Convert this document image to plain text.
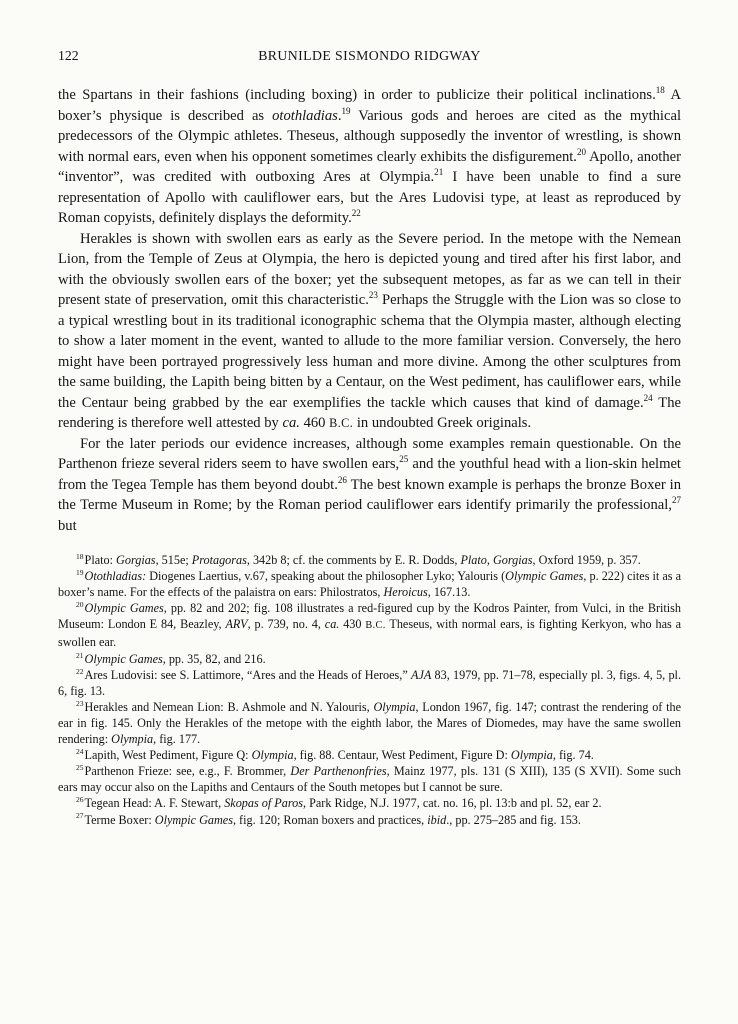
122	BRUNILDE SISMONDO RIDGWAY

the Spartans in their fashions (including boxing) in order to publicize their political inclinations.$^{18}$ A boxer’s physique is described as otothladias.$^{19}$ Various gods and heroes are cited as the mythical predecessors of the Olympic athletes. Theseus, although supposedly the inventor of wrestling, is shown with normal ears, even when his opponent sometimes clearly exhibits the disfigurement.$^{20}$ Apollo, another “inventor”, was credited with outboxing Ares at Olympia.$^{21}$ I have been unable to find a sure representation of Apollo with cauliflower ears, but the Ares Ludovisi type, at least as reproduced by Roman copyists, definitely displays the deformity.$^{22}$

Herakles is shown with swollen ears as early as the Severe period. In the metope with the Nemean Lion, from the Temple of Zeus at Olympia, the hero is depicted young and tired after his first labor, and with the obviously swollen ears of the boxer; yet the subsequent metopes, as far as we can tell in their present state of preservation, omit this characteristic.$^{23}$ Perhaps the Struggle with the Lion was so close to a typical wrestling bout in its traditional iconographic schema that the Olympia master, although electing to show a later moment in the event, wanted to allude to the more familiar version. Conversely, the hero might have been portrayed progressively less human and more divine. Among the other sculptures from the same building, the Lapith being bitten by a Centaur, on the West pediment, has cauliflower ears, while the Centaur being grabbed by the ear exemplifies the tackle which causes that kind of damage.$^{24}$ The rendering is therefore well attested by ca. 460 B.C. in undoubted Greek originals.

For the later periods our evidence increases, although some examples remain questionable. On the Parthenon frieze several riders seem to have swollen ears,$^{25}$ and the youthful head with a lion-skin helmet from the Tegea Temple has them beyond doubt.$^{26}$ The best known example is perhaps the bronze Boxer in the Terme Museum in Rome; by the Roman period cauliflower ears identify primarily the professional,$^{27}$ but

$^{18}$Plato: Gorgias, 515e; Protagoras, 342b 8; cf. the comments by E. R. Dodds, Plato, Gorgias, Oxford 1959, p. 357.

$^{19}$Otothladias: Diogenes Laertius, v.67, speaking about the philosopher Lyko; Yalouris (Olympic Games, p. 222) cites it as a boxer’s name. For the effects of the palaistra on ears: Philostratos, Heroicus, 167.13.

$^{20}$Olympic Games, pp. 82 and 202; fig. 108 illustrates a red-figured cup by the Kodros Painter, from Vulci, in the British Museum: London E 84, Beazley, ARV, p. 739, no. 4, ca. 430 B.C. Theseus, with normal ears, is fighting Kerkyon, who has a swollen ear.

$^{21}$Olympic Games, pp. 35, 82, and 216.

$^{22}$Ares Ludovisi: see S. Lattimore, “Ares and the Heads of Heroes,” AJA 83, 1979, pp. 71–78, especially pl. 3, figs. 4, 5, pl. 6, fig. 13.

$^{23}$Herakles and Nemean Lion: B. Ashmole and N. Yalouris, Olympia, London 1967, fig. 147; contrast the rendering of the ear in fig. 145. Only the Herakles of the metope with the eighth labor, the Mares of Diomedes, may have the same swollen rendering: Olympia, fig. 177.

$^{24}$Lapith, West Pediment, Figure Q: Olympia, fig. 88. Centaur, West Pediment, Figure D: Olympia, fig. 74.

$^{25}$Parthenon Frieze: see, e.g., F. Brommer, Der Parthenonfries, Mainz 1977, pls. 131 (S XIII), 135 (S XVII). Some such ears may occur also on the Lapiths and Centaurs of the South metopes but I cannot be sure.

$^{26}$Tegean Head: A. F. Stewart, Skopas of Paros, Park Ridge, N.J. 1977, cat. no. 16, pl. 13:b and pl. 52, ear 2.

$^{27}$Terme Boxer: Olympic Games, fig. 120; Roman boxers and practices, ibid., pp. 275–285 and fig. 153.
